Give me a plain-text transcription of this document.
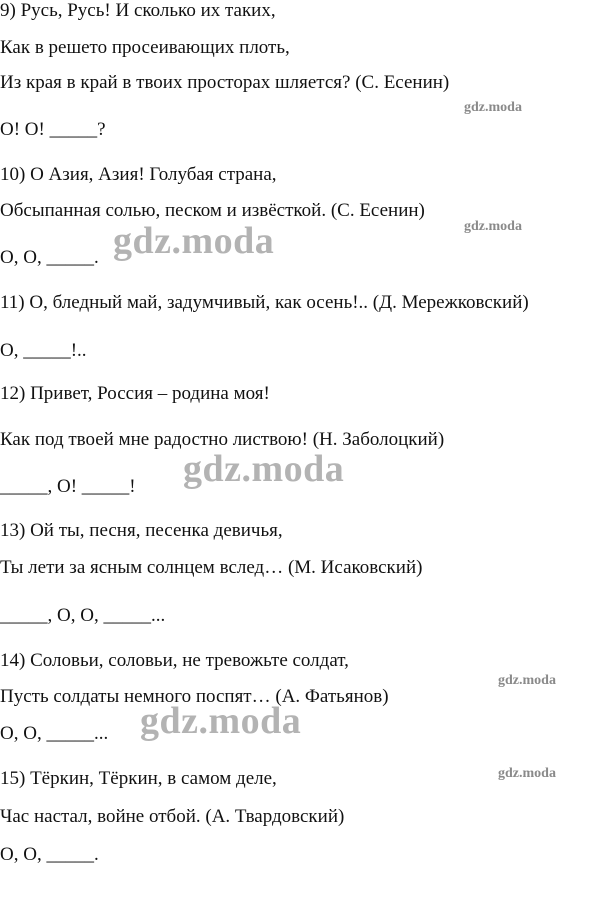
9) Русь, Русь! И сколько их таких,

Как в решето просеивающих плоть,

Из края в край в твоих просторах шляется? (С. Есенин)

О! О! _____?

10) О Азия, Азия! Голубая страна,

Обсыпанная солью, песком и извёсткой. (С. Есенин)

О, О, _____.

11) О, бледный май, задумчивый, как осень!.. (Д. Мережковский)

О, _____!..

12) Привет, Россия – родина моя!

Как под твоей мне радостно листвою! (Н. Заболоцкий)

_____, О! _____!

13) Ой ты, песня, песенка девичья,

Ты лети за ясным солнцем вслед… (М. Исаковский)

_____, О, О, _____...

14) Соловьи, соловьи, не тревожьте солдат,

Пусть солдаты немного поспят… (А. Фатьянов)

О, О, _____...

15) Тёркин, Тёркин, в самом деле,

Час настал, войне отбой. (А. Твардовский)

О, О, _____.

gdz.moda
gdz.moda
gdz.moda
gdz.moda
gdz.moda
gdz.moda
gdz.moda
